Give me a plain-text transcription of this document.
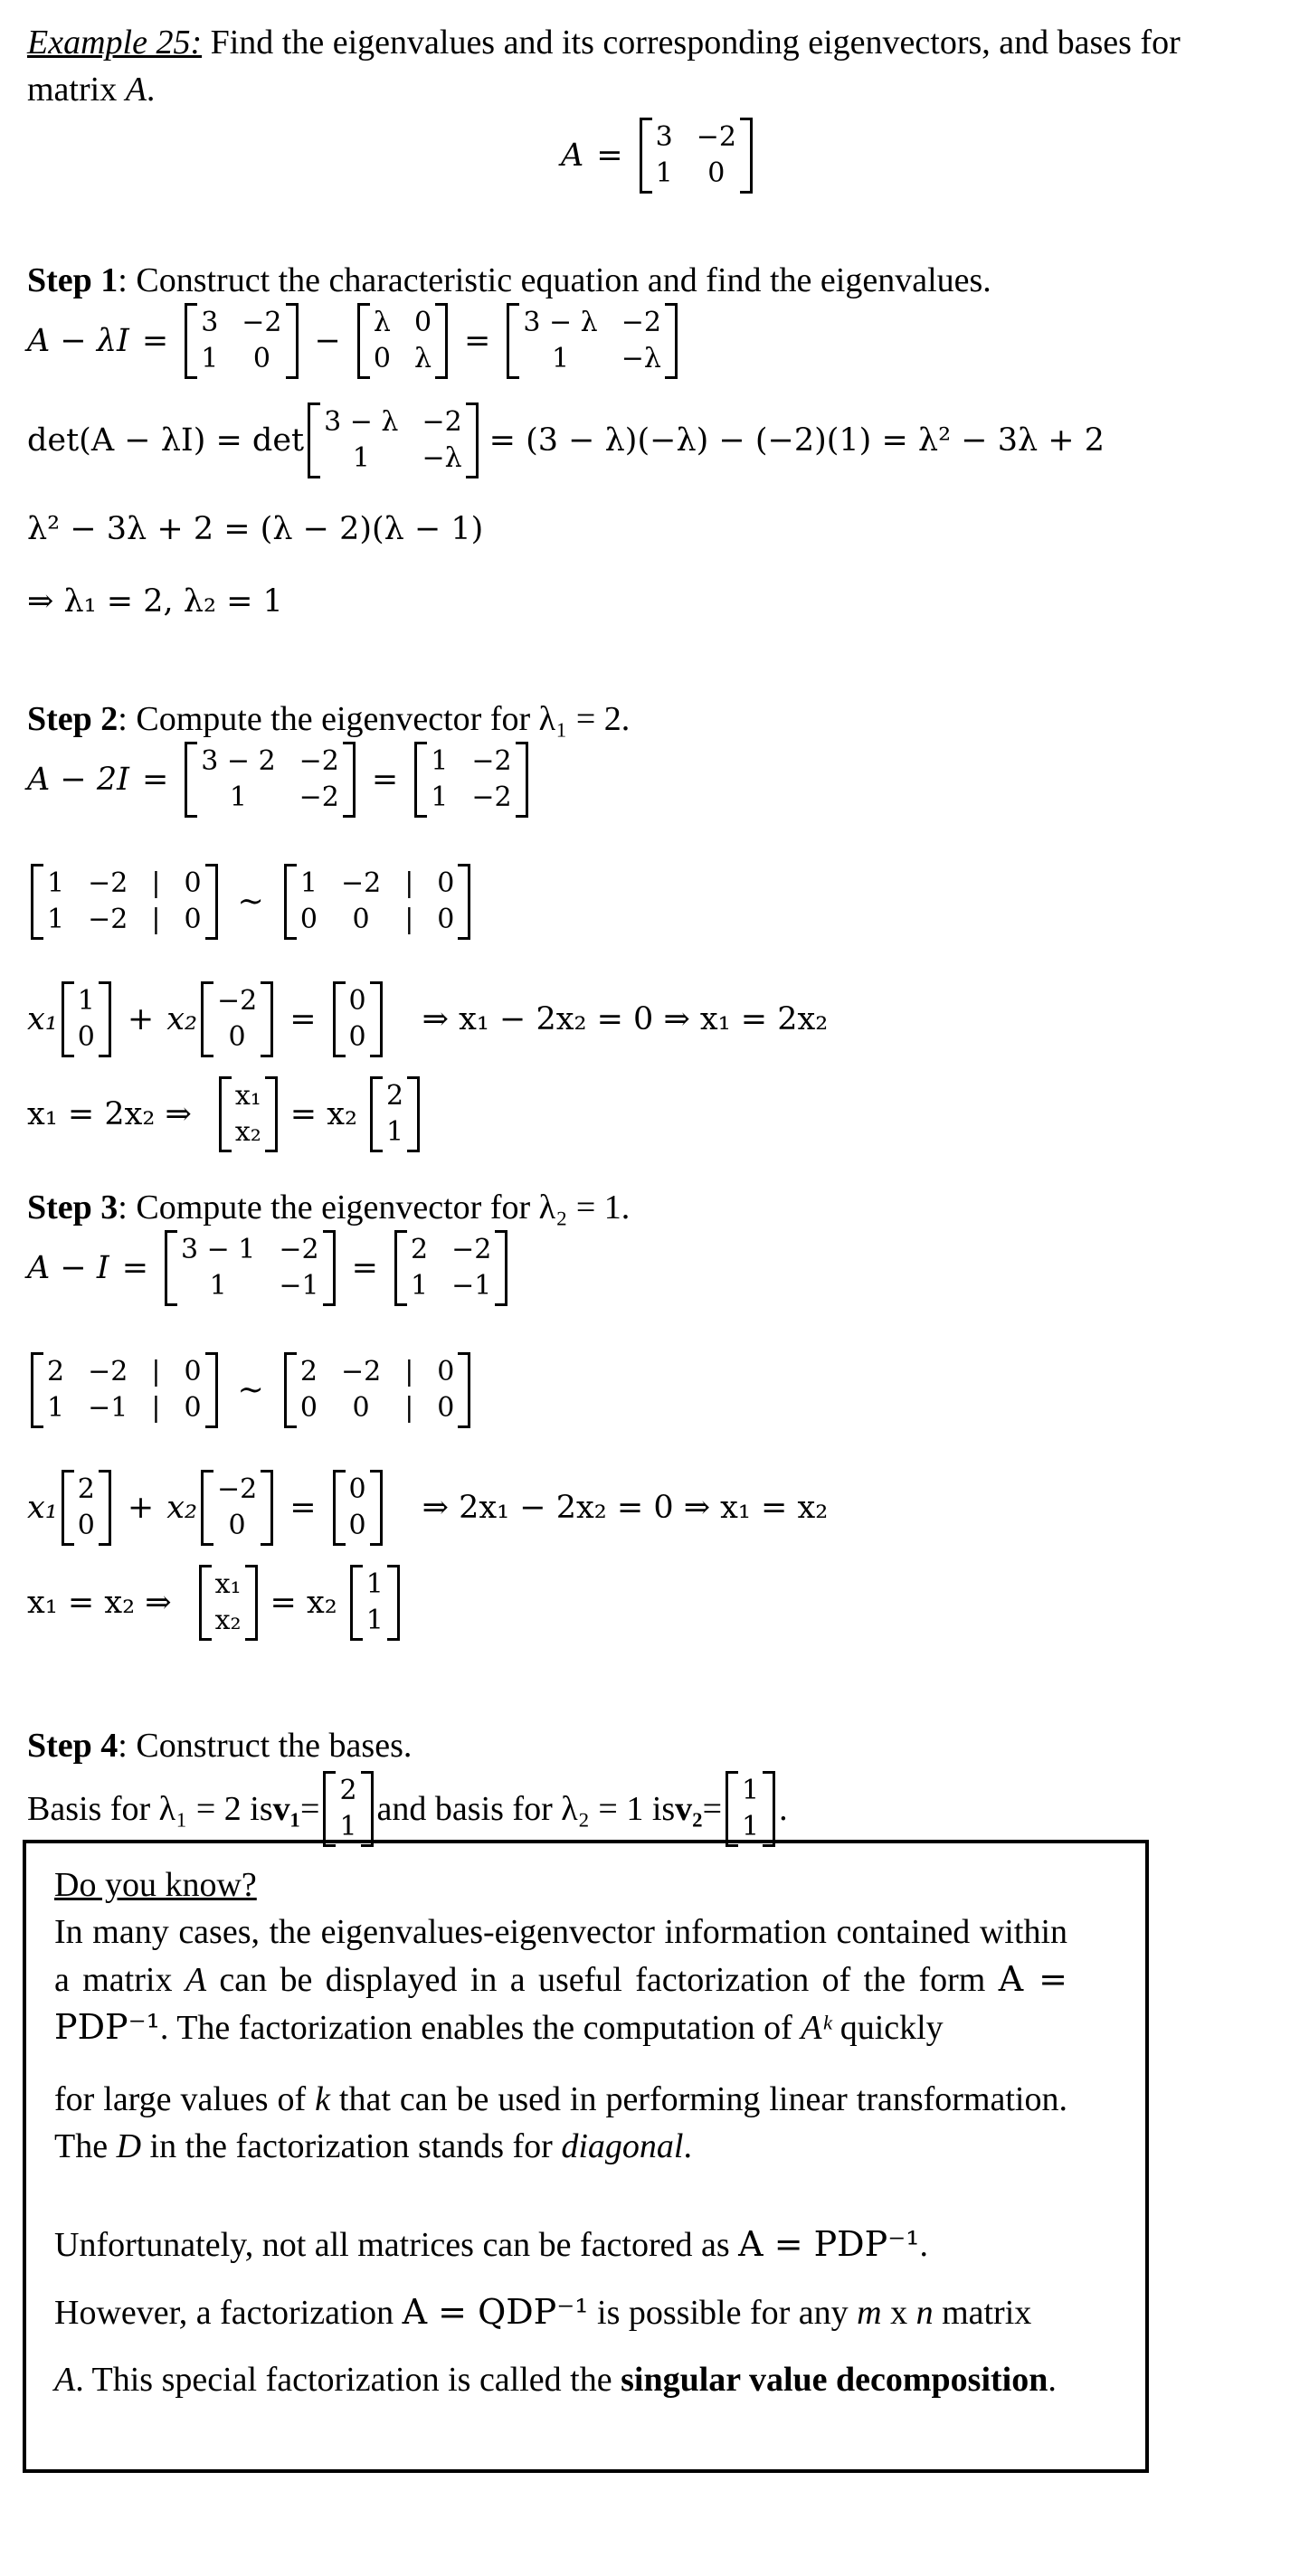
Example 25: Find the eigenvalues and its corresponding eigenvectors, and bases for
matrix A.
A =
3 −2
1 0
Step 1: Construct the characteristic equation and find the eigenvalues.
A − λI =
3 −2
1 0	−
λ 0
0 λ	=
3 − λ −2
1 −λ
det(A − λI) = det
3 − λ −2
1 −λ = (3 − λ)(−λ) − (−2)(1) = λ² − 3λ + 2
λ² − 3λ + 2 = (λ − 2)(λ − 1)
⇒ λ₁ = 2, λ₂ = 1
Step 2: Compute the eigenvector for λ₁ = 2.
A − 2I =
3 − 2 −2
1 −2	=
1 −2
1 −2
1 −2 | 0
1 −2 | 0	~
1 −2 | 0
0 0 | 0
x₁
1
0	+ x₂
−2
0	=
0
0	⇒ x₁ − 2x₂ = 0 ⇒ x₁ = 2x₂
x₁ = 2x₂ ⇒
x₁
x₂ = x₂
2
1
Step 3: Compute the eigenvector for λ₂ = 1.
A − I =
3 − 1 −2
1 −1	=
2 −2
1 −1
2 −2 | 0
1 −1 | 0	~
2 −2 | 0
0 0 | 0
x₁
2
0	+ x₂
−2
0	=
0
0	⇒ 2x₁ − 2x₂ = 0 ⇒ x₁ = x₂
x₁ = x₂ ⇒
x₁
x₂ = x₂
1
1
Step 4: Construct the bases.
Basis for λ₁ = 2 is v₁ = 2
1 and basis for λ₂ = 1 is v₂ = 1
1 .
Do you know?
In many cases, the eigenvalues-eigenvector information contained within a matrix A can be displayed in a useful factorization of the form A = PDP⁻¹. The factorization enables the computation of Aᵏ quickly
for large values of k that can be used in performing linear transformation. The D in the factorization stands for diagonal.
Unfortunately, not all matrices can be factored as A = PDP⁻¹.
However, a factorization A = QDP⁻¹ is possible for any m x n matrix
A. This special factorization is called the singular value decomposition.
